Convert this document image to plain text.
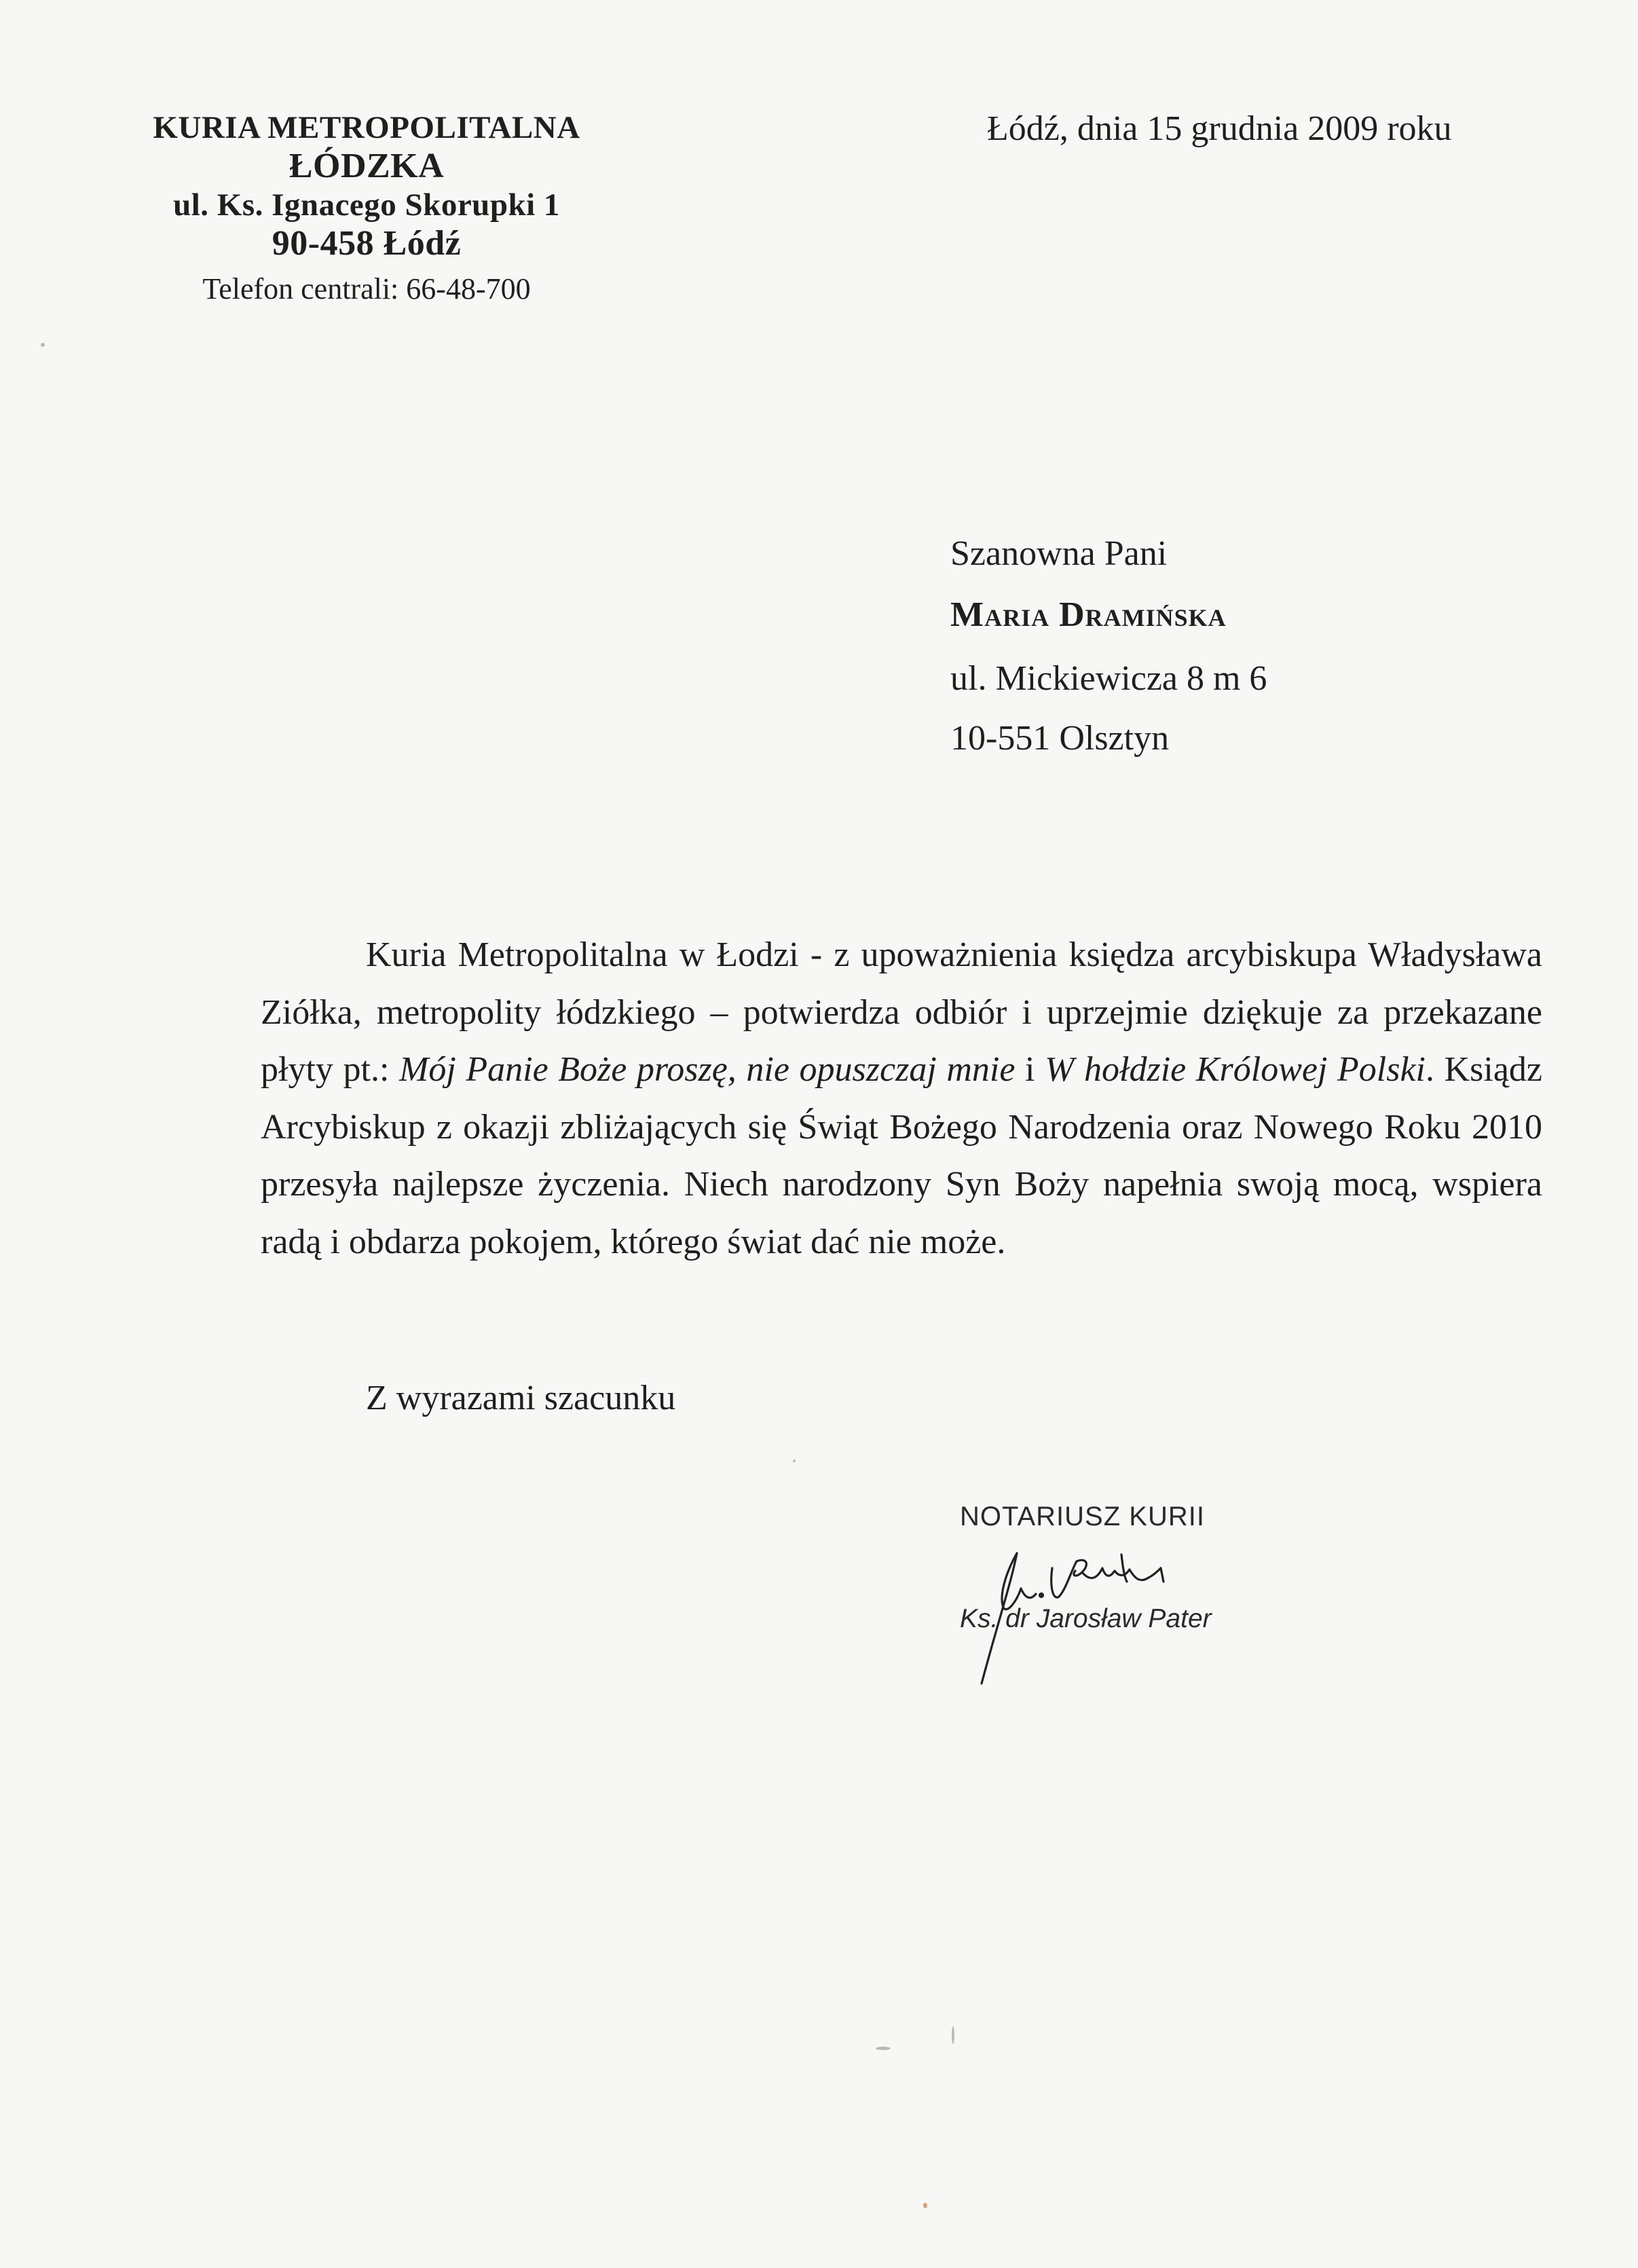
KURIA METROPOLITALNA
ŁÓDZKA
ul. Ks. Ignacego Skorupki 1
90-458 Łódź
Telefon centrali: 66-48-700
Łódź, dnia 15 grudnia 2009 roku
Szanowna Pani
Maria Dramińska
ul. Mickiewicza 8 m 6
10-551 Olsztyn

Kuria Metropolitalna w Łodzi - z upoważnienia księdza arcybiskupa Władysława Ziółka, metropolity łódzkiego – potwierdza odbiór i uprzejmie dziękuje za przekazane płyty pt.: Mój Panie Boże proszę, nie opuszczaj mnie i W hołdzie Królowej Polski. Ksiądz Arcybiskup z okazji zbliżających się Świąt Bożego Narodzenia oraz Nowego Roku 2010 przesyła najlepsze życzenia. Niech narodzony Syn Boży napełnia swoją mocą, wspiera radą i obdarza pokojem, którego świat dać nie może.

Z wyrazami szacunku
NOTARIUSZ KURII
Ks. dr Jarosław Pater
